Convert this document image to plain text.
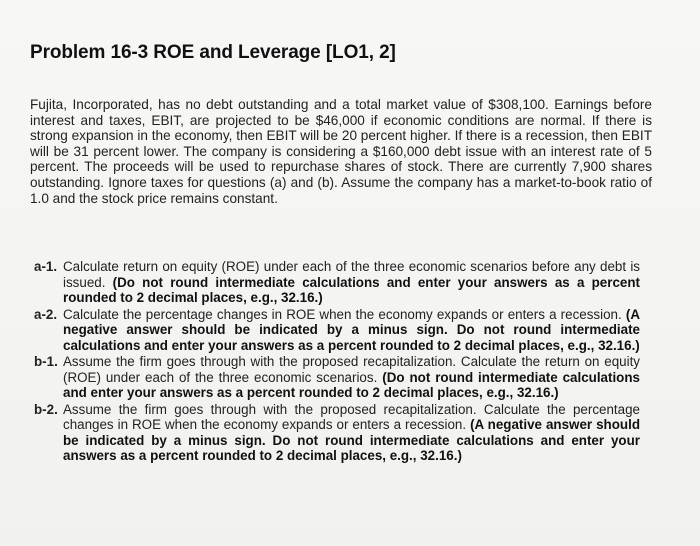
Problem 16-3 ROE and Leverage [LO1, 2]
Fujita, Incorporated, has no debt outstanding and a total market value of $308,100. Earnings before interest and taxes, EBIT, are projected to be $46,000 if economic conditions are normal. If there is strong expansion in the economy, then EBIT will be 20 percent higher. If there is a recession, then EBIT will be 31 percent lower. The company is considering a $160,000 debt issue with an interest rate of 5 percent. The proceeds will be used to repurchase shares of stock. There are currently 7,900 shares outstanding. Ignore taxes for questions (a) and (b). Assume the company has a market-to-book ratio of 1.0 and the stock price remains constant.
a-1. Calculate return on equity (ROE) under each of the three economic scenarios before any debt is issued. (Do not round intermediate calculations and enter your answers as a percent rounded to 2 decimal places, e.g., 32.16.)
a-2. Calculate the percentage changes in ROE when the economy expands or enters a recession. (A negative answer should be indicated by a minus sign. Do not round intermediate calculations and enter your answers as a percent rounded to 2 decimal places, e.g., 32.16.)
b-1. Assume the firm goes through with the proposed recapitalization. Calculate the return on equity (ROE) under each of the three economic scenarios. (Do not round intermediate calculations and enter your answers as a percent rounded to 2 decimal places, e.g., 32.16.)
b-2. Assume the firm goes through with the proposed recapitalization. Calculate the percentage changes in ROE when the economy expands or enters a recession. (A negative answer should be indicated by a minus sign. Do not round intermediate calculations and enter your answers as a percent rounded to 2 decimal places, e.g., 32.16.)
